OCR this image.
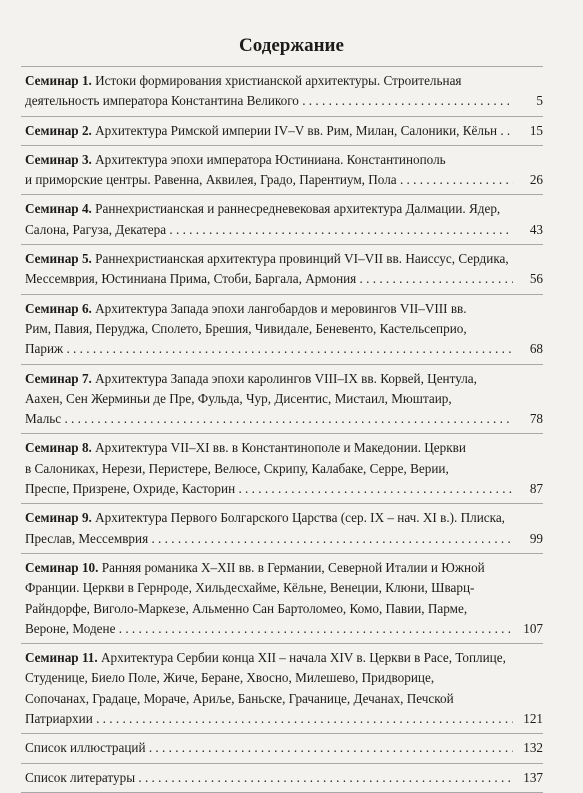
Содержание
Семинар 1. Истоки формирования христианской архитектуры. Строительная
деятельность императора Константина Великого . . .	5
Семинар 2. Архитектура Римской империи IV–V вв. Рим, Милан, Салоники, Кёльн . . .	15
Семинар 3. Архитектура эпохи императора Юстиниана. Константинополь
и приморские центры. Равенна, Аквилея, Градо, Парентиум, Пола . . .	26
Семинар 4. Раннехристианская и раннесредневековая архитектура Далмации. Ядер,
Салона, Рагуза, Декатера . . .	43
Семинар 5. Раннехристианская архитектура провинций VI–VII вв. Наиссус, Сердика,
Мессемврия, Юстиниана Прима, Стоби, Баргала, Армония . . .	56
Семинар 6. Архитектура Запада эпохи лангобардов и меровингов VII–VIII вв.
Рим, Павия, Перуджа, Сполето, Брешия, Чивидале, Беневенто, Кастельсеприо,
Париж . . .	68
Семинар 7. Архитектура Запада эпохи каролингов VIII–IX вв. Корвей, Центула,
Аахен, Сен Жерминьи де Пре, Фульда, Чур, Дисентис, Мистаил, Мюштаир,
Мальс . . .	78
Семинар 8. Архитектура VII–XI вв. в Константинополе и Македонии. Церкви
в Салониках, Нерези, Перистере, Велюсе, Скрипу, Калабаке, Серре, Верии,
Преспе, Призрене, Охриде, Касторин . . .	87
Семинар 9. Архитектура Первого Болгарского Царства (сер. IX – нач. XI в.). Плиска,
Преслав, Мессемврия . . .	99
Семинар 10. Ранняя романика X–XII вв. в Германии, Северной Италии и Южной
Франции. Церкви в Гернроде, Хильдесхайме, Кёльне, Венеции, Клюни, Шварц-
Райндорфе, Виголо-Маркезе, Альменно Сан Бартоломео, Комо, Павии, Парме,
Вероне, Модене . . .	107
Семинар 11. Архитектура Сербии конца XII – начала XIV в. Церкви в Расе, Топлице,
Студенице, Биело Поле, Жиче, Беране, Хвосно, Милешево, Придворице,
Сопочанах, Градаце, Мораче, Ариље, Баньске, Грачанице, Дечанах, Печской
Патриархии . . .	121
Список иллюстраций . . .	132
Список литературы . . .	137
